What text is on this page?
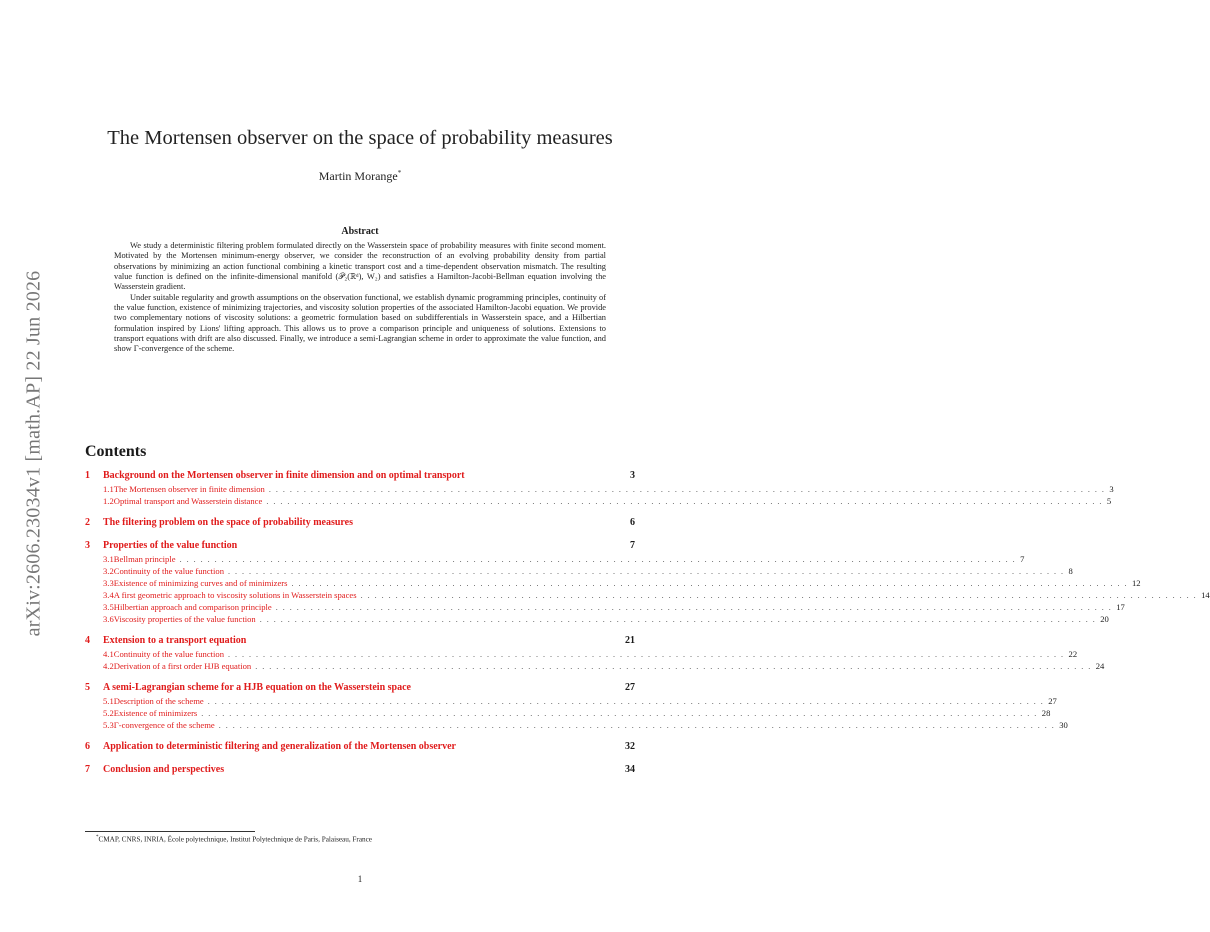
arXiv:2606.23034v1 [math.AP] 22 Jun 2026
The Mortensen observer on the space of probability measures
Martin Morange*
Abstract

We study a deterministic filtering problem formulated directly on the Wasserstein space of probability measures with finite second moment. Motivated by the Mortensen minimum-energy observer, we consider the reconstruction of an evolving probability density from partial observations by minimizing an action functional combining a kinetic transport cost and a time-dependent observation mismatch. The resulting value function is defined on the infinite-dimensional manifold (𝒫₂(ℝᵈ), W₂) and satisfies a Hamilton-Jacobi-Bellman equation involving the Wasserstein gradient.

Under suitable regularity and growth assumptions on the observation functional, we establish dynamic programming principles, continuity of the value function, existence of minimizing trajectories, and viscosity solution properties of the associated Hamilton-Jacobi equation. We provide two complementary notions of viscosity solutions: a geometric formulation based on subdifferentials in Wasserstein space, and a Hilbertian formulation inspired by Lions' lifting approach. This allows us to prove a comparison principle and uniqueness of solutions. Extensions to transport equations with drift are also discussed. Finally, we introduce a semi-Lagrangian scheme in order to approximate the value function, and show Γ-convergence of the scheme.

Contents
1	Background on the Mortensen observer in finite dimension and on optimal transport	3
1.1 The Mortensen observer in finite dimension . . . . . . . . . . . . . . . . . . . . . . . . . . . . . . . . . . . . . . . . . . . . . . . . . . . . . . . . . . . . . . . . . . . . . . . . . . . . . . . . . . . . . . . . . . . . . . . . . . . . . . . . . . . . . . . . . . . . . . . . 3
1.2 Optimal transport and Wasserstein distance . . . . . . . . . . . . . . . . . . . . . . . . . . . . . . . . . . . . . . . . . . . . . . . . . . . . . . . . . . . . . . . . . . . . . . . . . . . . . . . . . . . . . . . . . . . . . . . . . . . . . . . . . . . . . . . . . . . . . . . . 5
2	The filtering problem on the space of probability measures	6
3	Properties of the value function	7
3.1 Bellman principle . . . . . . . . . . . . . . . . . . . . . . . . . . . . . . . . . . . . . . . . . . . . . . . . . . . . . . . . . . . . . . . . . . . . . . . . . . . . . . . . . . . . . . . . . . . . . . . . . . . . . . . . . . . . . . . . . . . . . . . . 7
3.2 Continuity of the value function . . . . . . . . . . . . . . . . . . . . . . . . . . . . . . . . . . . . . . . . . . . . . . . . . . . . . . . . . . . . . . . . . . . . . . . . . . . . . . . . . . . . . . . . . . . . . . . . . . . . . . . . . . . . . . . . . . . . . . . . 8
3.3 Existence of minimizing curves and of minimizers . . . . . . . . . . . . . . . . . . . . . . . . . . . . . . . . . . . . . . . . . . . . . . . . . . . . . . . . . . . . . . . . . . . . . . . . . . . . . . . . . . . . . . . . . . . . . . . . . . . . . . . . . . . . . . . . . . . . . . . . 12
3.4 A first geometric approach to viscosity solutions in Wasserstein spaces . . . . . . . . . . . . . . . . . . . . . . . . . . . . . . . . . . . . . . . . . . . . . . . . . . . . . . . . . . . . . . . . . . . . . . . . . . . . . . . . . . . . . . . . . . . . . . . . . . . . . . . . . . . . . . . . . . . . . . . . 14
3.5 Hilbertian approach and comparison principle . . . . . . . . . . . . . . . . . . . . . . . . . . . . . . . . . . . . . . . . . . . . . . . . . . . . . . . . . . . . . . . . . . . . . . . . . . . . . . . . . . . . . . . . . . . . . . . . . . . . . . . . . . . . . . . . . . . . . . . . 17
3.6 Viscosity properties of the value function . . . . . . . . . . . . . . . . . . . . . . . . . . . . . . . . . . . . . . . . . . . . . . . . . . . . . . . . . . . . . . . . . . . . . . . . . . . . . . . . . . . . . . . . . . . . . . . . . . . . . . . . . . . . . . . . . . . . . . . . 20
4	Extension to a transport equation	21
4.1 Continuity of the value function . . . . . . . . . . . . . . . . . . . . . . . . . . . . . . . . . . . . . . . . . . . . . . . . . . . . . . . . . . . . . . . . . . . . . . . . . . . . . . . . . . . . . . . . . . . . . . . . . . . . . . . . . . . . . . . . . . . . . . . . 22
4.2 Derivation of a first order HJB equation . . . . . . . . . . . . . . . . . . . . . . . . . . . . . . . . . . . . . . . . . . . . . . . . . . . . . . . . . . . . . . . . . . . . . . . . . . . . . . . . . . . . . . . . . . . . . . . . . . . . . . . . . . . . . . . . . . . . . . . . 24
5	A semi-Lagrangian scheme for a HJB equation on the Wasserstein space	27
5.1 Description of the scheme . . . . . . . . . . . . . . . . . . . . . . . . . . . . . . . . . . . . . . . . . . . . . . . . . . . . . . . . . . . . . . . . . . . . . . . . . . . . . . . . . . . . . . . . . . . . . . . . . . . . . . . . . . . . . . . . . . . . . . . . 27
5.2 Existence of minimizers . . . . . . . . . . . . . . . . . . . . . . . . . . . . . . . . . . . . . . . . . . . . . . . . . . . . . . . . . . . . . . . . . . . . . . . . . . . . . . . . . . . . . . . . . . . . . . . . . . . . . . . . . . . . . . . . . . . . . . . . 28
5.3 Γ-convergence of the scheme . . . . . . . . . . . . . . . . . . . . . . . . . . . . . . . . . . . . . . . . . . . . . . . . . . . . . . . . . . . . . . . . . . . . . . . . . . . . . . . . . . . . . . . . . . . . . . . . . . . . . . . . . . . . . . . . . . . . . . . . 30
6	Application to deterministic filtering and generalization of the Mortensen observer	32
7	Conclusion and perspectives	34
*CMAP, CNRS, INRIA, École polytechnique, Institut Polytechnique de Paris, Palaiseau, France
1
